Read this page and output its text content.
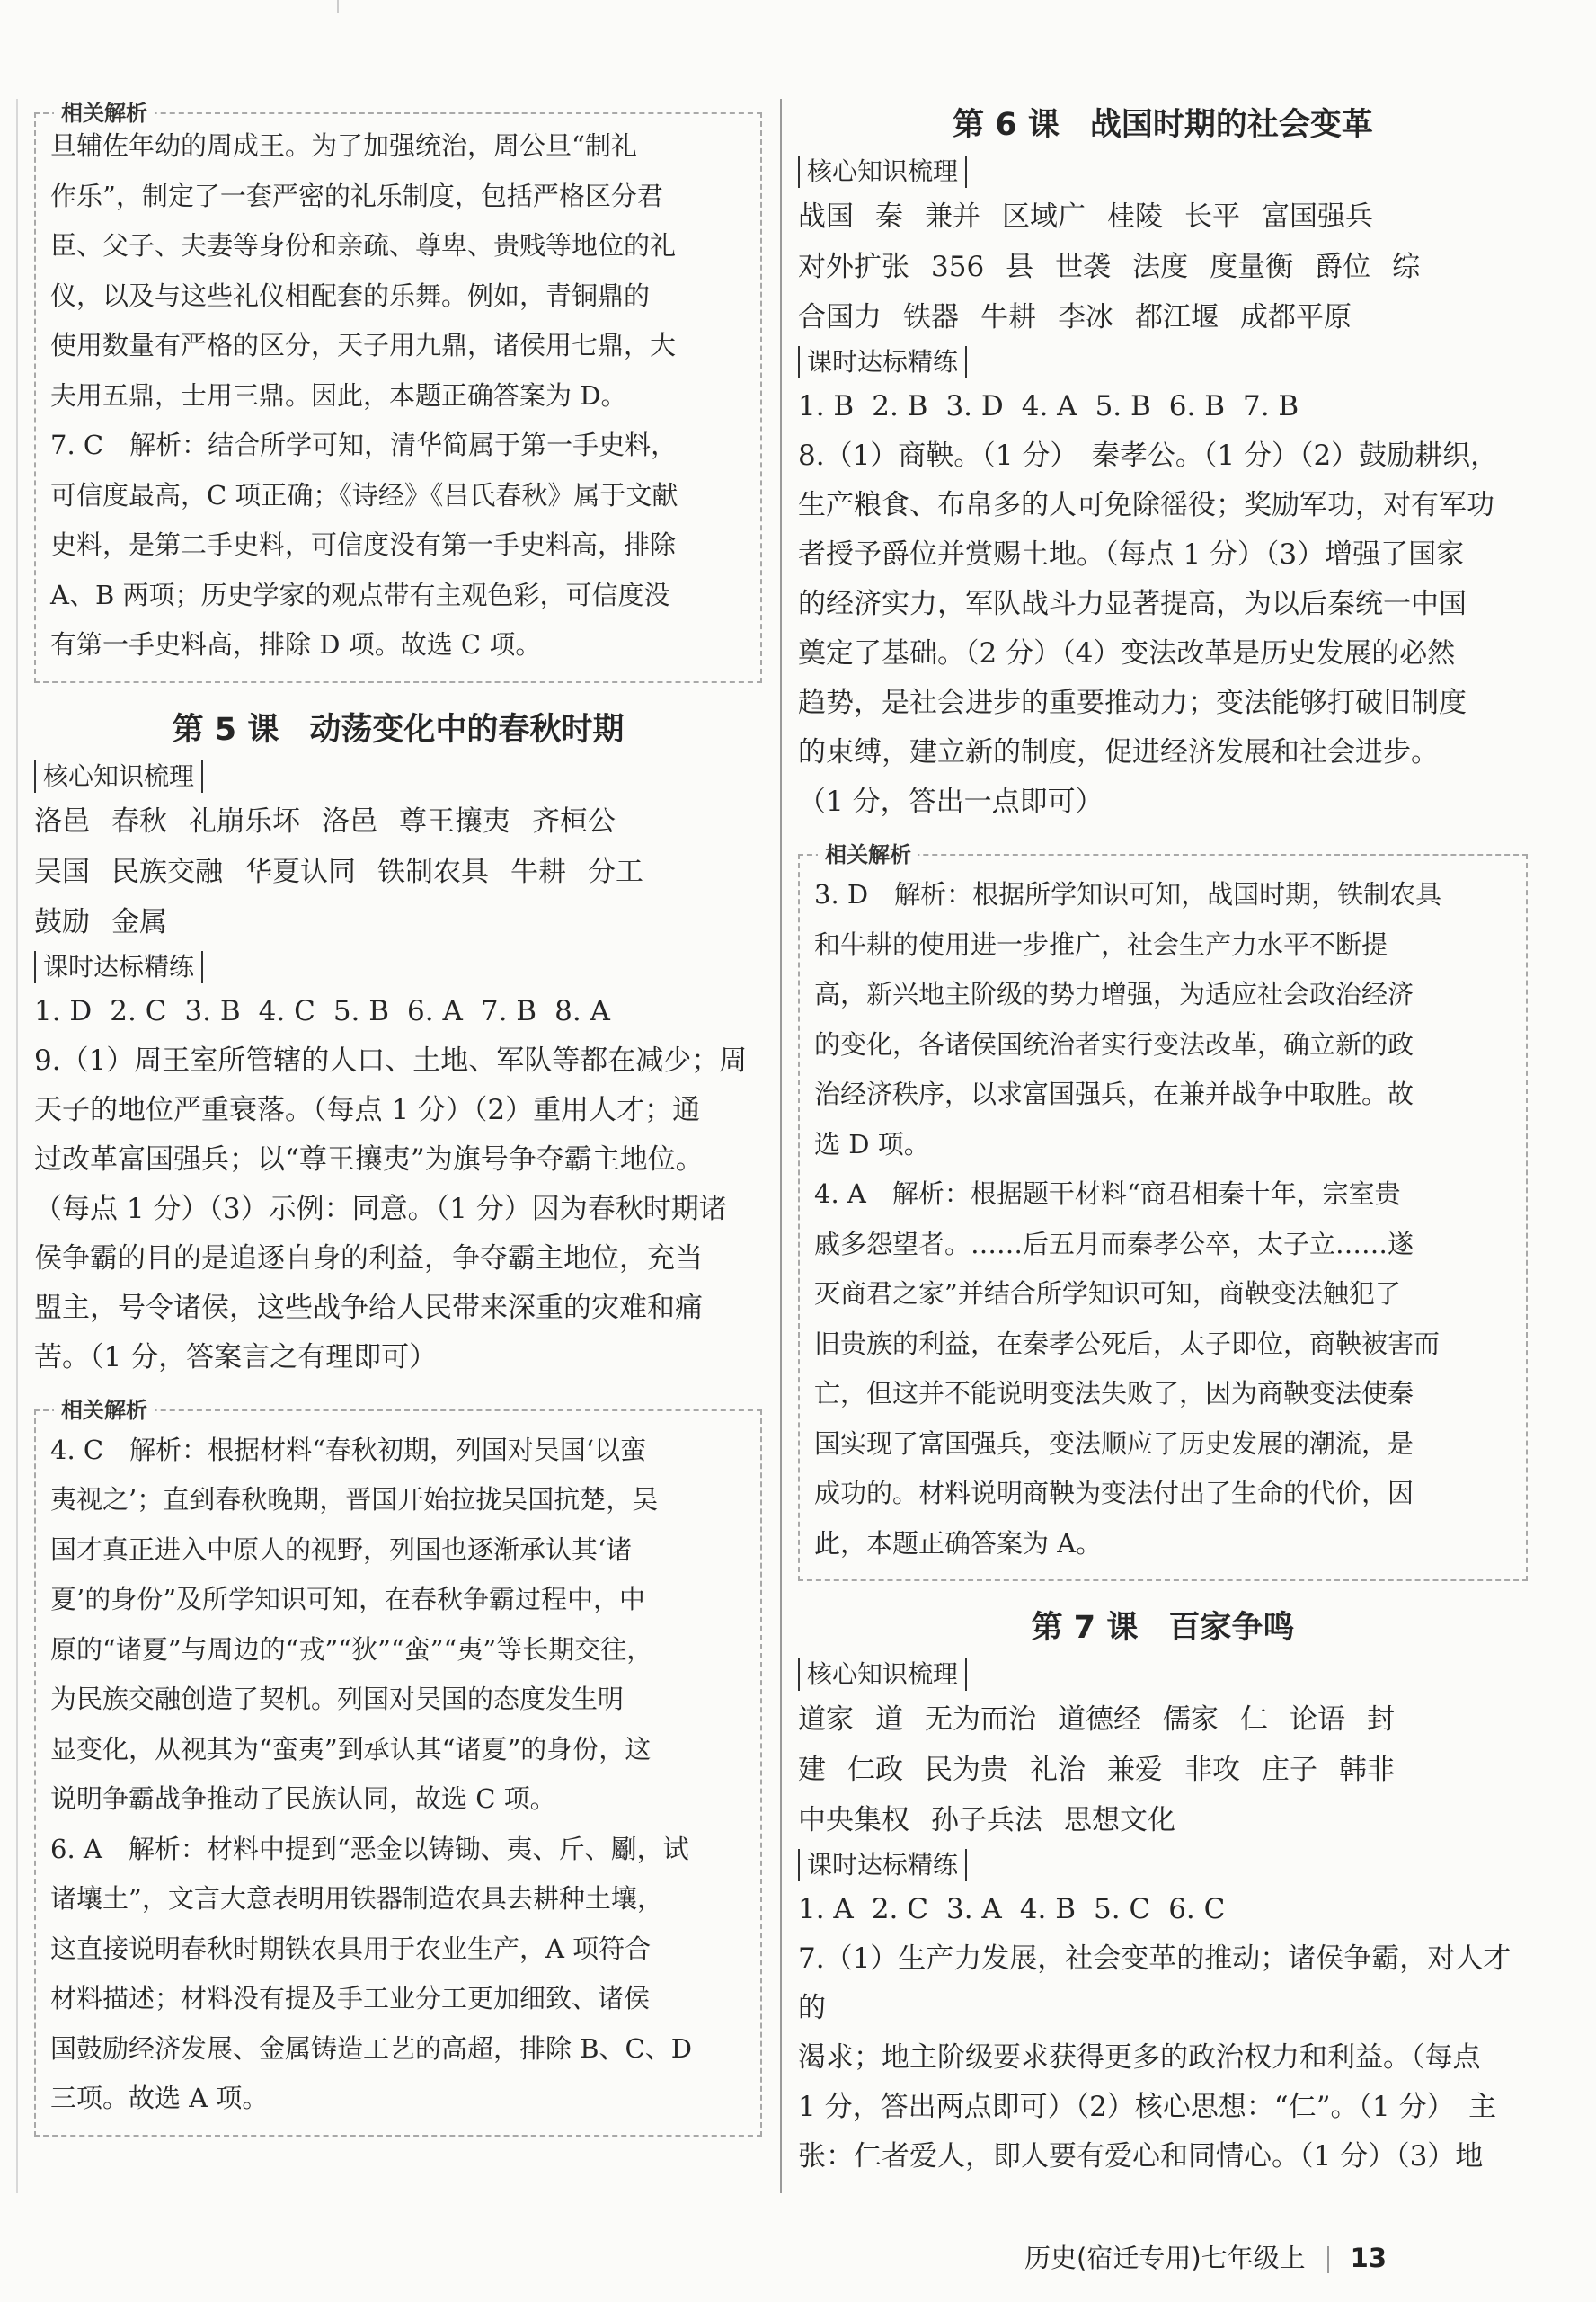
相关解析

旦辅佐年幼的周成王。为了加强统治，周公旦“制礼

作乐”，制定了一套严密的礼乐制度，包括严格区分君

臣、父子、夫妻等身份和亲疏、尊卑、贵贱等地位的礼

仪，以及与这些礼仪相配套的乐舞。例如，青铜鼎的

使用数量有严格的区分，天子用九鼎，诸侯用七鼎，大

夫用五鼎，士用三鼎。因此，本题正确答案为 D。

7. C　解析：结合所学可知，清华简属于第一手史料，

可信度最高，C 项正确；《诗经》《吕氏春秋》属于文献

史料，是第二手史料，可信度没有第一手史料高，排除

A、B 两项；历史学家的观点带有主观色彩，可信度没

有第一手史料高，排除 D 项。故选 C 项。

第 5 课 动荡变化中的春秋时期

核心知识梳理

洛邑 春秋 礼崩乐坏 洛邑 尊王攘夷 齐桓公

吴国 民族交融 华夏认同 铁制农具 牛耕 分工

鼓励 金属

课时达标精练
1. D 2. C 3. B 4. C 5. B 6. A 7. B 8. A

9.（1）周王室所管辖的人口、土地、军队等都在减少；周

天子的地位严重衰落。（每点 1 分）（2）重用人才；通

过改革富国强兵；以“尊王攘夷”为旗号争夺霸主地位。

（每点 1 分）（3）示例：同意。（1 分）因为春秋时期诸

侯争霸的目的是追逐自身的利益，争夺霸主地位，充当

盟主，号令诸侯，这些战争给人民带来深重的灾难和痛

苦。（1 分，答案言之有理即可）

相关解析

4. C　解析：根据材料“春秋初期，列国对吴国‘以蛮

夷视之’；直到春秋晚期，晋国开始拉拢吴国抗楚，吴

国才真正进入中原人的视野，列国也逐渐承认其‘诸

夏’的身份”及所学知识可知，在春秋争霸过程中，中

原的“诸夏”与周边的“戎”“狄”“蛮”“夷”等长期交往，

为民族交融创造了契机。列国对吴国的态度发生明

显变化，从视其为“蛮夷”到承认其“诸夏”的身份，这

说明争霸战争推动了民族认同，故选 C 项。

6. A　解析：材料中提到“恶金以铸锄、夷、斤、劚，试

诸壤土”，文言大意表明用铁器制造农具去耕种土壤，

这直接说明春秋时期铁农具用于农业生产，A 项符合

材料描述；材料没有提及手工业分工更加细致、诸侯

国鼓励经济发展、金属铸造工艺的高超，排除 B、C、D

三项。故选 A 项。

第 6 课 战国时期的社会变革

核心知识梳理

战国 秦 兼并 区域广 桂陵 长平 富国强兵

对外扩张 356 县 世袭 法度 度量衡 爵位 综

合国力 铁器 牛耕 李冰 都江堰 成都平原

课时达标精练
1. B 2. B 3. D 4. A 5. B 6. B 7. B

8.（1）商鞅。（1 分）　秦孝公。（1 分）（2）鼓励耕织，

生产粮食、布帛多的人可免除徭役；奖励军功，对有军功

者授予爵位并赏赐土地。（每点 1 分）（3）增强了国家

的经济实力，军队战斗力显著提高，为以后秦统一中国

奠定了基础。（2 分）（4）变法改革是历史发展的必然

趋势，是社会进步的重要推动力；变法能够打破旧制度

的束缚，建立新的制度，促进经济发展和社会进步。

（1 分，答出一点即可）

相关解析

3. D　解析：根据所学知识可知，战国时期，铁制农具

和牛耕的使用进一步推广，社会生产力水平不断提

高，新兴地主阶级的势力增强，为适应社会政治经济

的变化，各诸侯国统治者实行变法改革，确立新的政

治经济秩序，以求富国强兵，在兼并战争中取胜。故

选 D 项。

4. A　解析：根据题干材料“商君相秦十年，宗室贵

戚多怨望者。……后五月而秦孝公卒，太子立……遂

灭商君之家”并结合所学知识可知，商鞅变法触犯了

旧贵族的利益，在秦孝公死后，太子即位，商鞅被害而

亡，但这并不能说明变法失败了，因为商鞅变法使秦

国实现了富国强兵，变法顺应了历史发展的潮流，是

成功的。材料说明商鞅为变法付出了生命的代价，因

此，本题正确答案为 A。

第 7 课 百家争鸣

核心知识梳理

道家 道 无为而治 道德经 儒家 仁 论语 封

建 仁政 民为贵 礼治 兼爱 非攻 庄子 韩非

中央集权 孙子兵法 思想文化

课时达标精练
1. A 2. C 3. A 4. B 5. C 6. C

7.（1）生产力发展，社会变革的推动；诸侯争霸，对人才的

渴求；地主阶级要求获得更多的政治权力和利益。（每点

1 分，答出两点即可）（2）核心思想：“仁”。（1 分）　主

张：仁者爱人，即人要有爱心和同情心。（1 分）（3）地

历史(宿迁专用)七年级上 13
